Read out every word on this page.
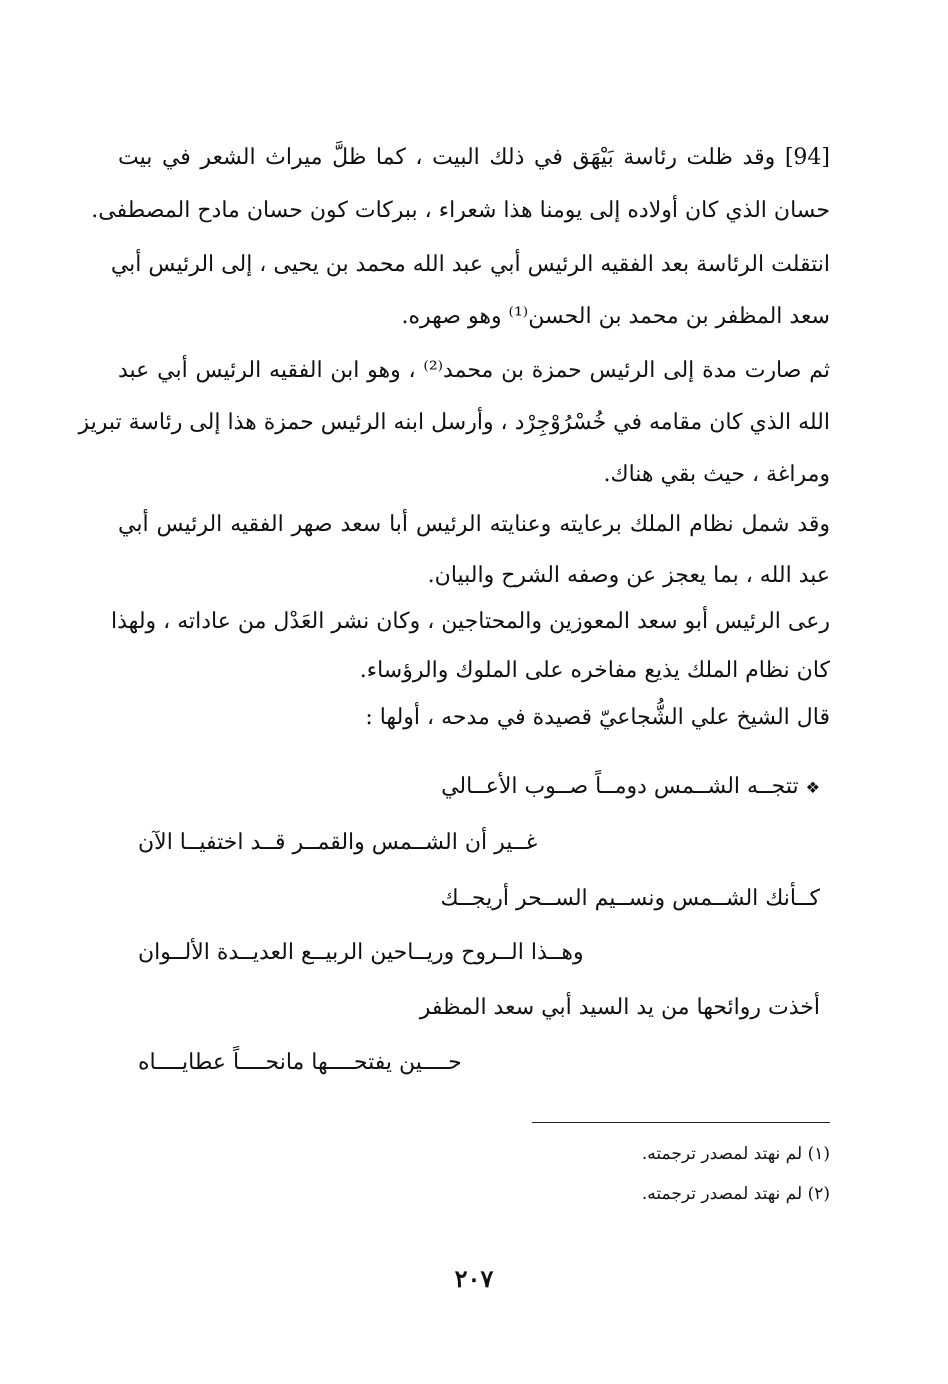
[94] وقد ظلت رئاسة بَيْهَق في ذلك البيت ، كما ظلَّ ميراث الشعر في بيت
حسان الذي كان أولاده إلى يومنا هذا شعراء ، ببركات كون حسان مادح المصطفى.
انتقلت الرئاسة بعد الفقيه الرئيس أبي عبد الله محمد بن يحيى ، إلى الرئيس أبي
سعد المظفر بن محمد بن الحسن⁽¹⁾ وهو صهره.
ثم صارت مدة إلى الرئيس حمزة بن محمد⁽²⁾ ، وهو ابن الفقيه الرئيس أبي عبد
الله الذي كان مقامه في خُسْرُوْجِرْد ، وأرسل ابنه الرئيس حمزة هذا إلى رئاسة تبريز
ومراغة ، حيث بقي هناك.
وقد شمل نظام الملك برعايته وعنايته الرئيس أبا سعد صهر الفقيه الرئيس أبي
عبد الله ، بما يعجز عن وصفه الشرح والبيان.
رعى الرئيس أبو سعد المعوزين والمحتاجين ، وكان نشر العَدْل من عاداته ، ولهذا
كان نظام الملك يذيع مفاخره على الملوك والرؤساء.
قال الشيخ علي الشُّجاعيّ قصيدة في مدحه ، أولها :
❖ تتجــه الشــمس دومــاً صــوب الأعــالي
غــير أن الشــمس والقمــر قــد اختفيــا الآن
كــأنك الشــمس ونســيم الســحر أريجــك
وهــذا الــروح وريــاحين الربيــع العديــدة الألــوان
أخذت روائحها من يد السيد أبي سعد المظفر
حــــين يفتحــــها مانحــــاً عطايــــاه
(١) لم نهتد لمصدر ترجمته.
(٢) لم نهتد لمصدر ترجمته.
٢٠٧
